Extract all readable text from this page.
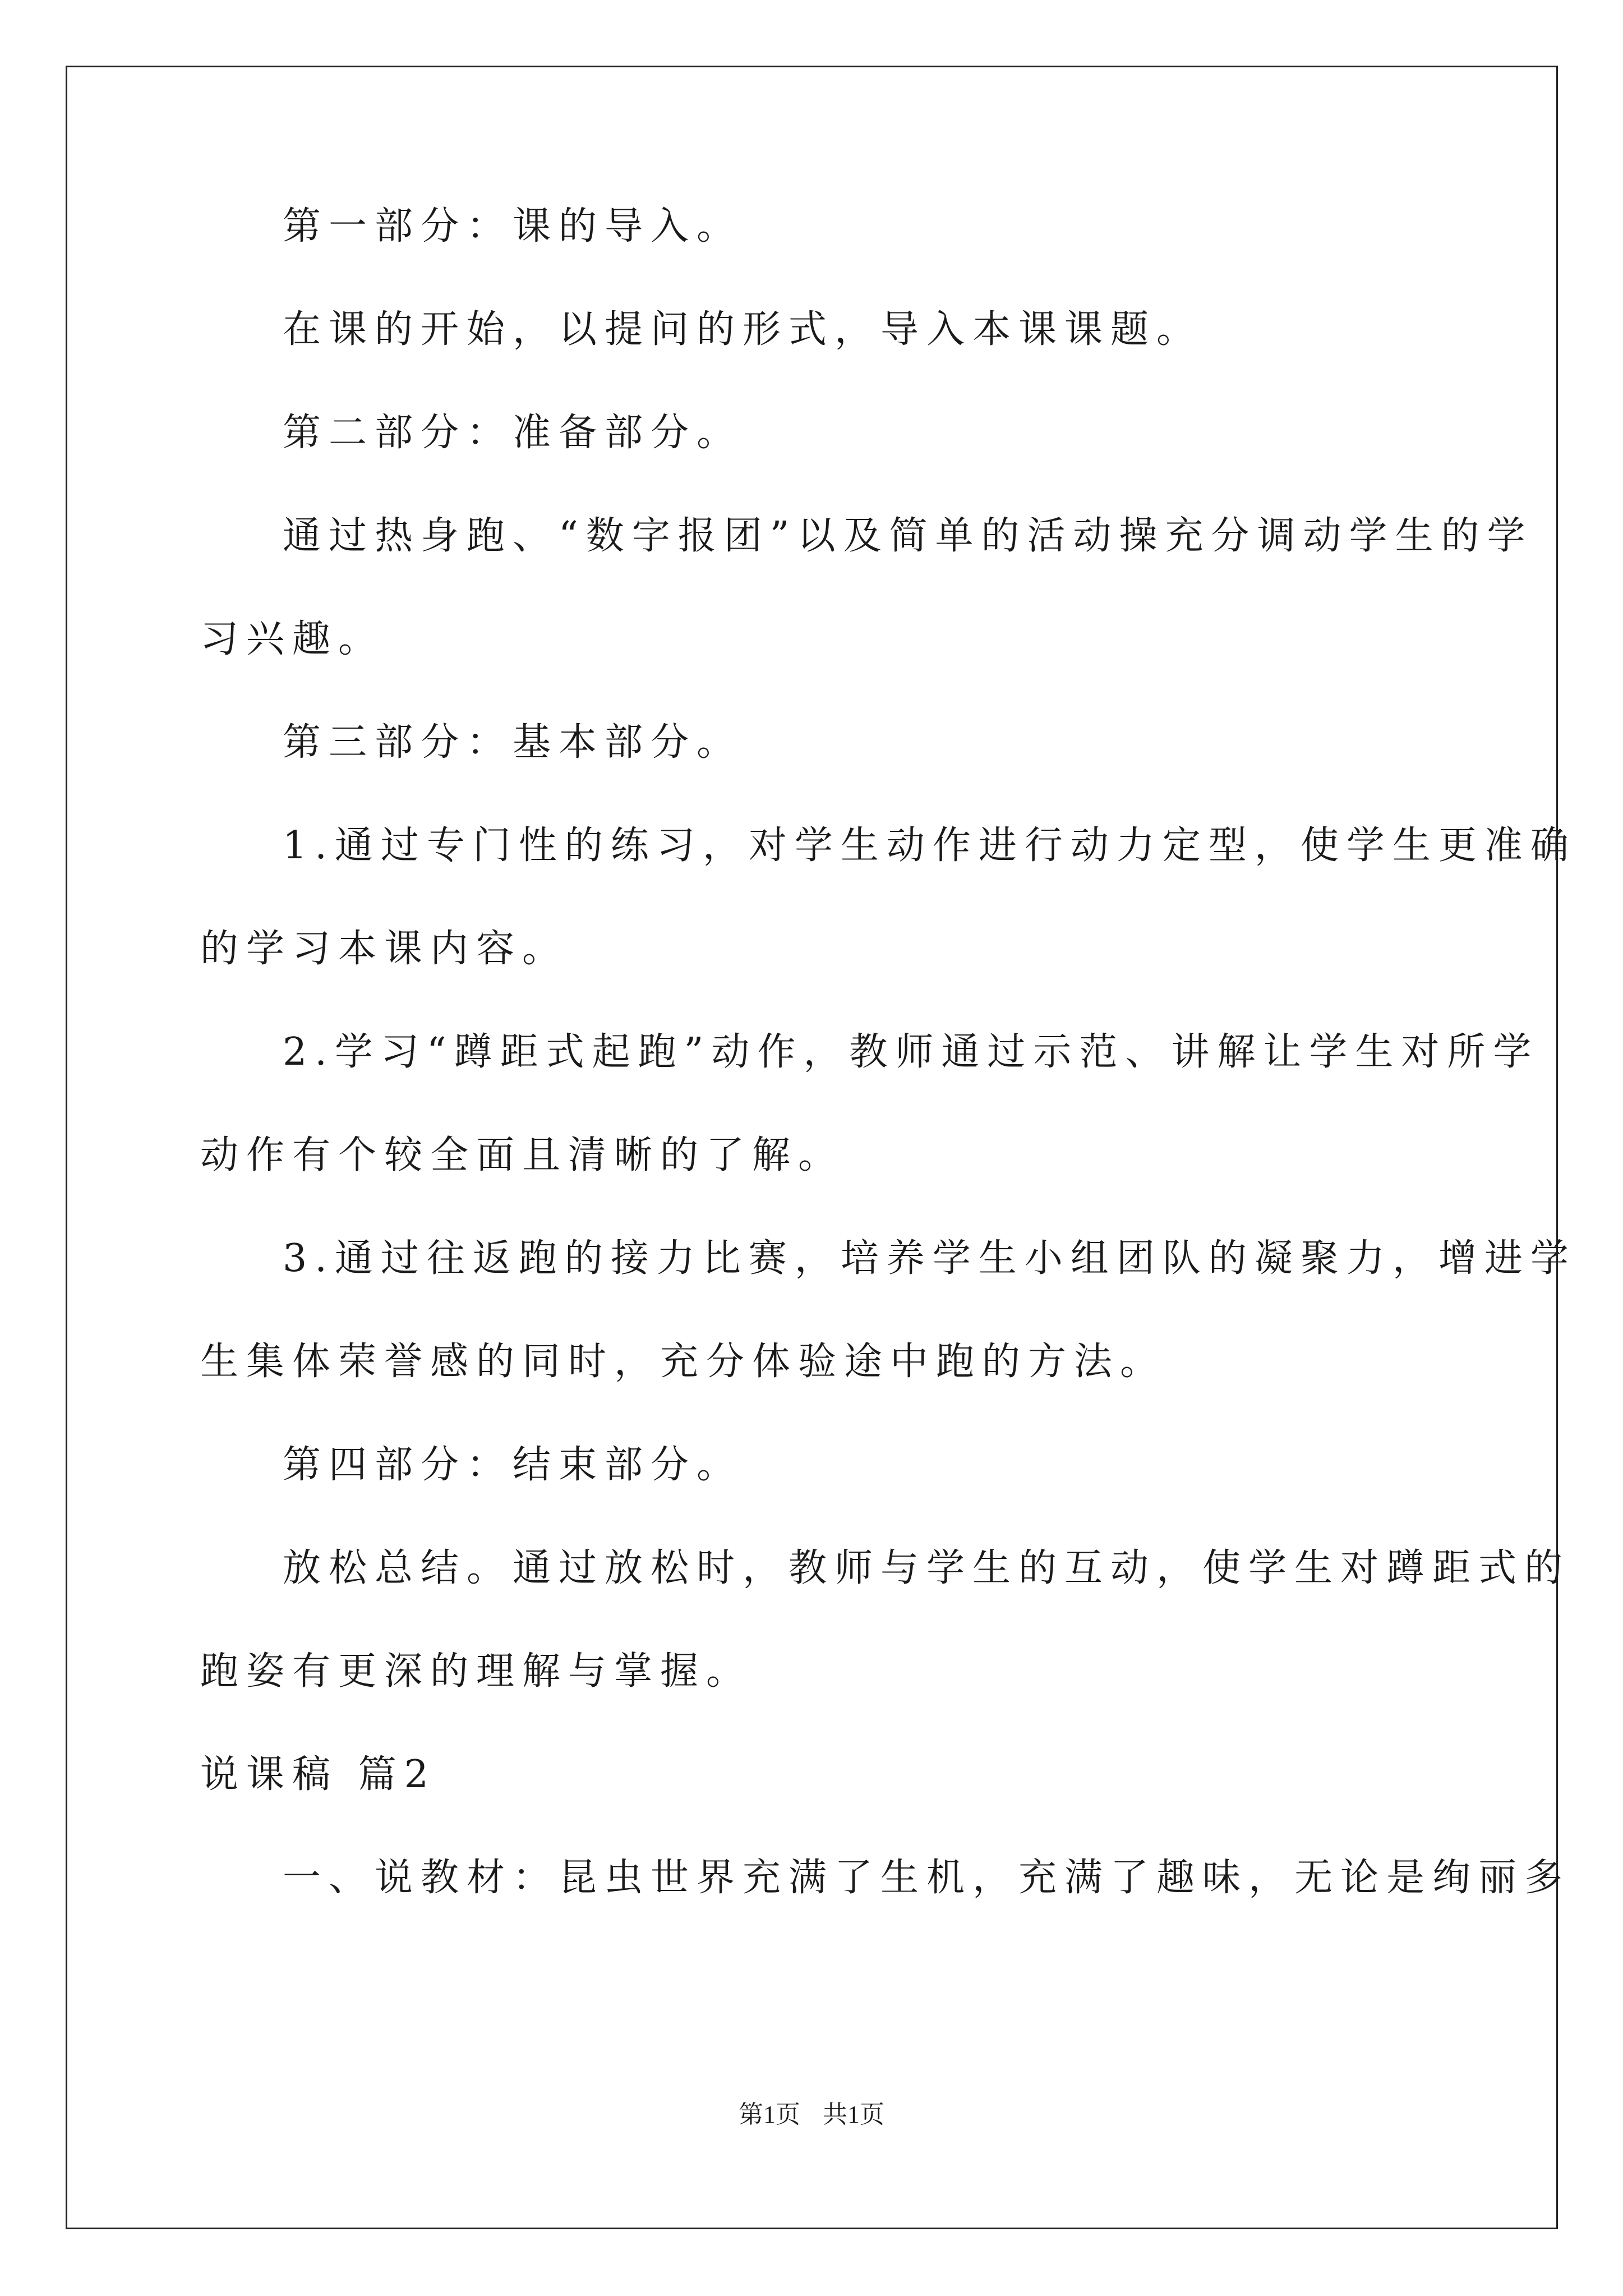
第一部分：课的导入。
在课的开始，以提问的形式，导入本课课题。
第二部分：准备部分。
通过热身跑、“数字报团”以及简单的活动操充分调动学生的学
习兴趣。
第三部分：基本部分。
1.通过专门性的练习，对学生动作进行动力定型，使学生更准确
的学习本课内容。
2.学习“蹲距式起跑”动作，教师通过示范、讲解让学生对所学
动作有个较全面且清晰的了解。
3.通过往返跑的接力比赛，培养学生小组团队的凝聚力，增进学
生集体荣誉感的同时，充分体验途中跑的方法。
第四部分：结束部分。
放松总结。通过放松时，教师与学生的互动，使学生对蹲距式的
跑姿有更深的理解与掌握。
说课稿 篇2
一、说教材：昆虫世界充满了生机，充满了趣味，无论是绚丽多
第1页 共1页
